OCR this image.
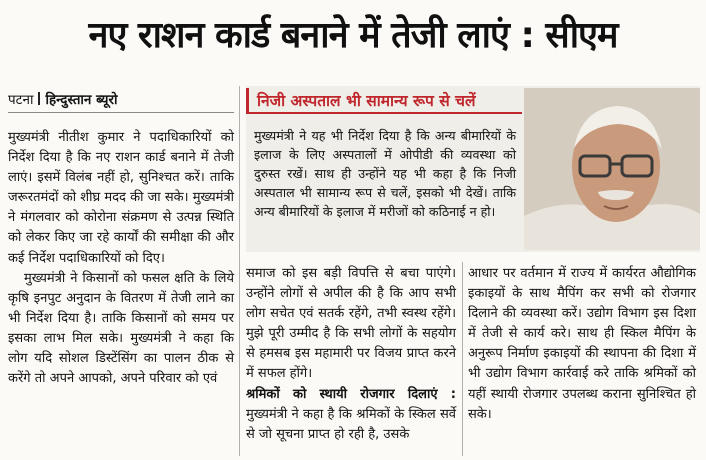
नए राशन कार्ड बनाने में तेजी लाएं : सीएम
पटना हिन्दुस्तान ब्यूरो

मुख्यमंत्री नीतीश कुमार ने पदाधिकारियों को निर्देश दिया है कि नए राशन कार्ड बनाने में तेजी लाएं। इसमें विलंब नहीं हो, सुनिश्चत करें। ताकि जरूरतमंदों को शीघ्र मदद की जा सके। मुख्यमंत्री ने मंगलवार को कोरोना संक्रमण से उत्पन्न स्थिति को लेकर किए जा रहे कार्यों की समीक्षा की और कई निर्देश पदाधिकारियों को दिए।

मुख्यमंत्री ने किसानों को फसल क्षति के लिये कृषि इनपुट अनुदान के वितरण में तेजी लाने का भी निर्देश दिया है। ताकि किसानों को समय पर इसका लाभ मिल सके। मुख्यमंत्री ने कहा कि लोग यदि सोशल डिस्टेंसिंग का पालन ठीक से करेंगे तो अपने आपको, अपने परिवार को एवं

निजी अस्पताल भी सामान्य रूप से चलें

मुख्यमंत्री ने यह भी निर्देश दिया है कि अन्य बीमारियों के इलाज के लिए अस्पतालों में ओपीडी की व्यवस्था को दुरुस्त रखें। साथ ही उन्होंने यह भी कहा है कि निजी अस्पताल भी सामान्य रूप से चलें, इसको भी देखें। ताकि अन्य बीमारियों के इलाज में मरीजों को कठिनाई न हो।

समाज को इस बड़ी विपत्ति से बचा पाएंगे। उन्होंने लोगों से अपील की है कि आप सभी लोग सचेत एवं सतर्क रहेंगे, तभी स्वस्थ रहेंगे। मुझे पूरी उम्मीद है कि सभी लोगों के सहयोग से हमसब इस महामारी पर विजय प्राप्त करने में सफल होंगे।

श्रमिकों को स्थायी रोजगार दिलाएं : मुख्यमंत्री ने कहा है कि श्रमिकों के स्किल सर्वे से जो सूचना प्राप्त हो रही है, उसके

आधार पर वर्तमान में राज्य में कार्यरत औद्योगिक इकाइयों के साथ मैपिंग कर सभी को रोजगार दिलाने की व्यवस्था करें। उद्योग विभाग इस दिशा में तेजी से कार्य करे। साथ ही स्किल मैपिंग के अनुरूप निर्माण इकाइयों की स्थापना की दिशा में भी उद्योग विभाग कार्रवाई करे ताकि श्रमिकों को यहीं स्थायी रोजगार उपलब्ध कराना सुनिश्चित हो सके।
